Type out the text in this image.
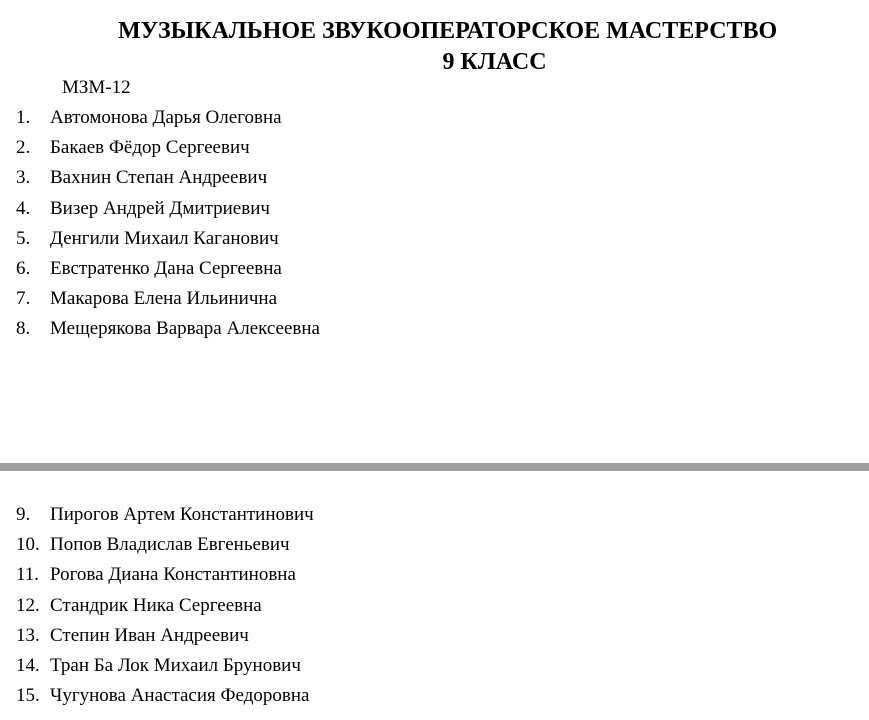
МУЗЫКАЛЬНОЕ ЗВУКООПЕРАТОРСКОЕ МАСТЕРСТВО
9 КЛАСС
МЗМ-12
1. Автомонова Дарья Олеговна
2. Бакаев Фёдор Сергеевич
3. Вахнин Степан Андреевич
4. Визер Андрей Дмитриевич
5. Денгили Михаил Каганович
6. Евстратенко Дана Сергеевна
7. Макарова Елена Ильинична
8. Мещерякова Варвара Алексеевна
9. Пирогов Артем Константинович
10. Попов Владислав Евгеньевич
11. Рогова Диана Константиновна
12. Стандрик Ника Сергеевна
13. Степин Иван Андреевич
14. Тран Ба Лок Михаил Брунович
15. Чугунова Анастасия Федоровна
